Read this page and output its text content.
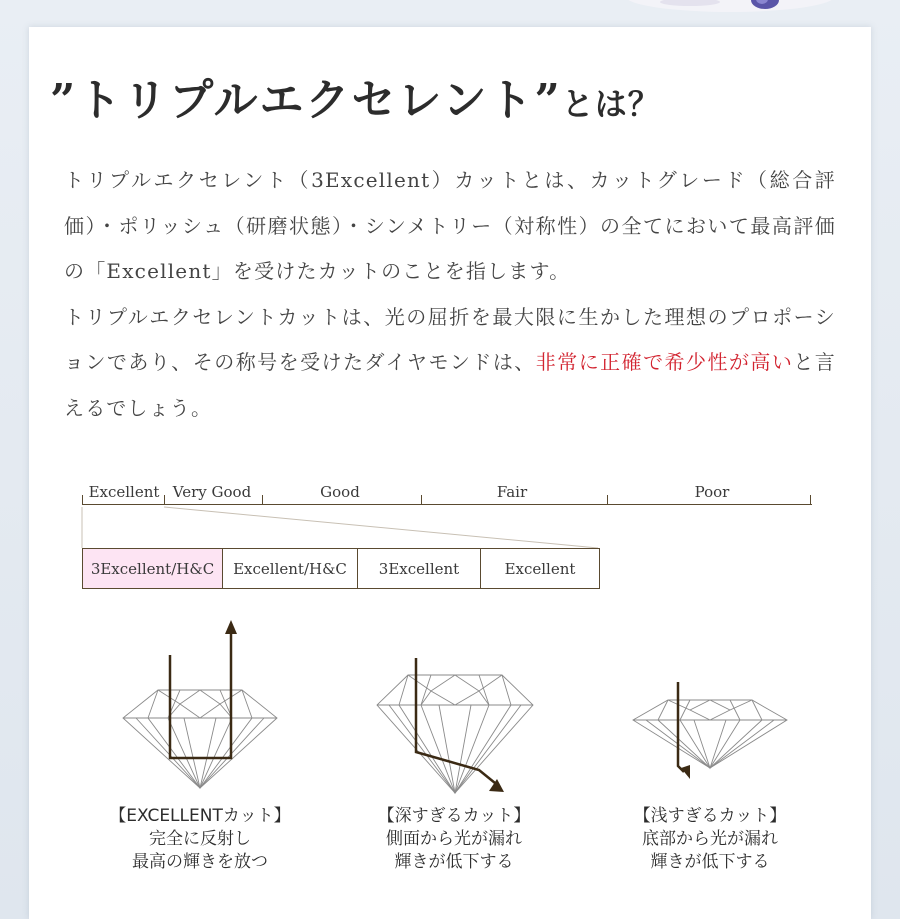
”トリプルエクセレント”とは？

トリプルエクセレント（3Excellent）カットとは、カットグレード（総合評価）・ポリッシュ（研磨状態）・シンメトリー（対称性）の全てにおいて最高評価の「Excellent」を受けたカットのことを指します。

トリプルエクセレントカットは、光の屈折を最大限に生かした理想のプロポーションであり、その称号を受けたダイヤモンドは、非常に正確で希少性が高いと言えるでしょう。

Excellent Very Good	Good	Fair	Poor
3Excellent/H&C	Excellent/H&C	3Excellent	Excellent
【EXCELLENTカット】
完全に反射し
最高の輝きを放つ
【深すぎるカット】
側面から光が漏れ
輝きが低下する
【浅すぎるカット】
底部から光が漏れ
輝きが低下する
